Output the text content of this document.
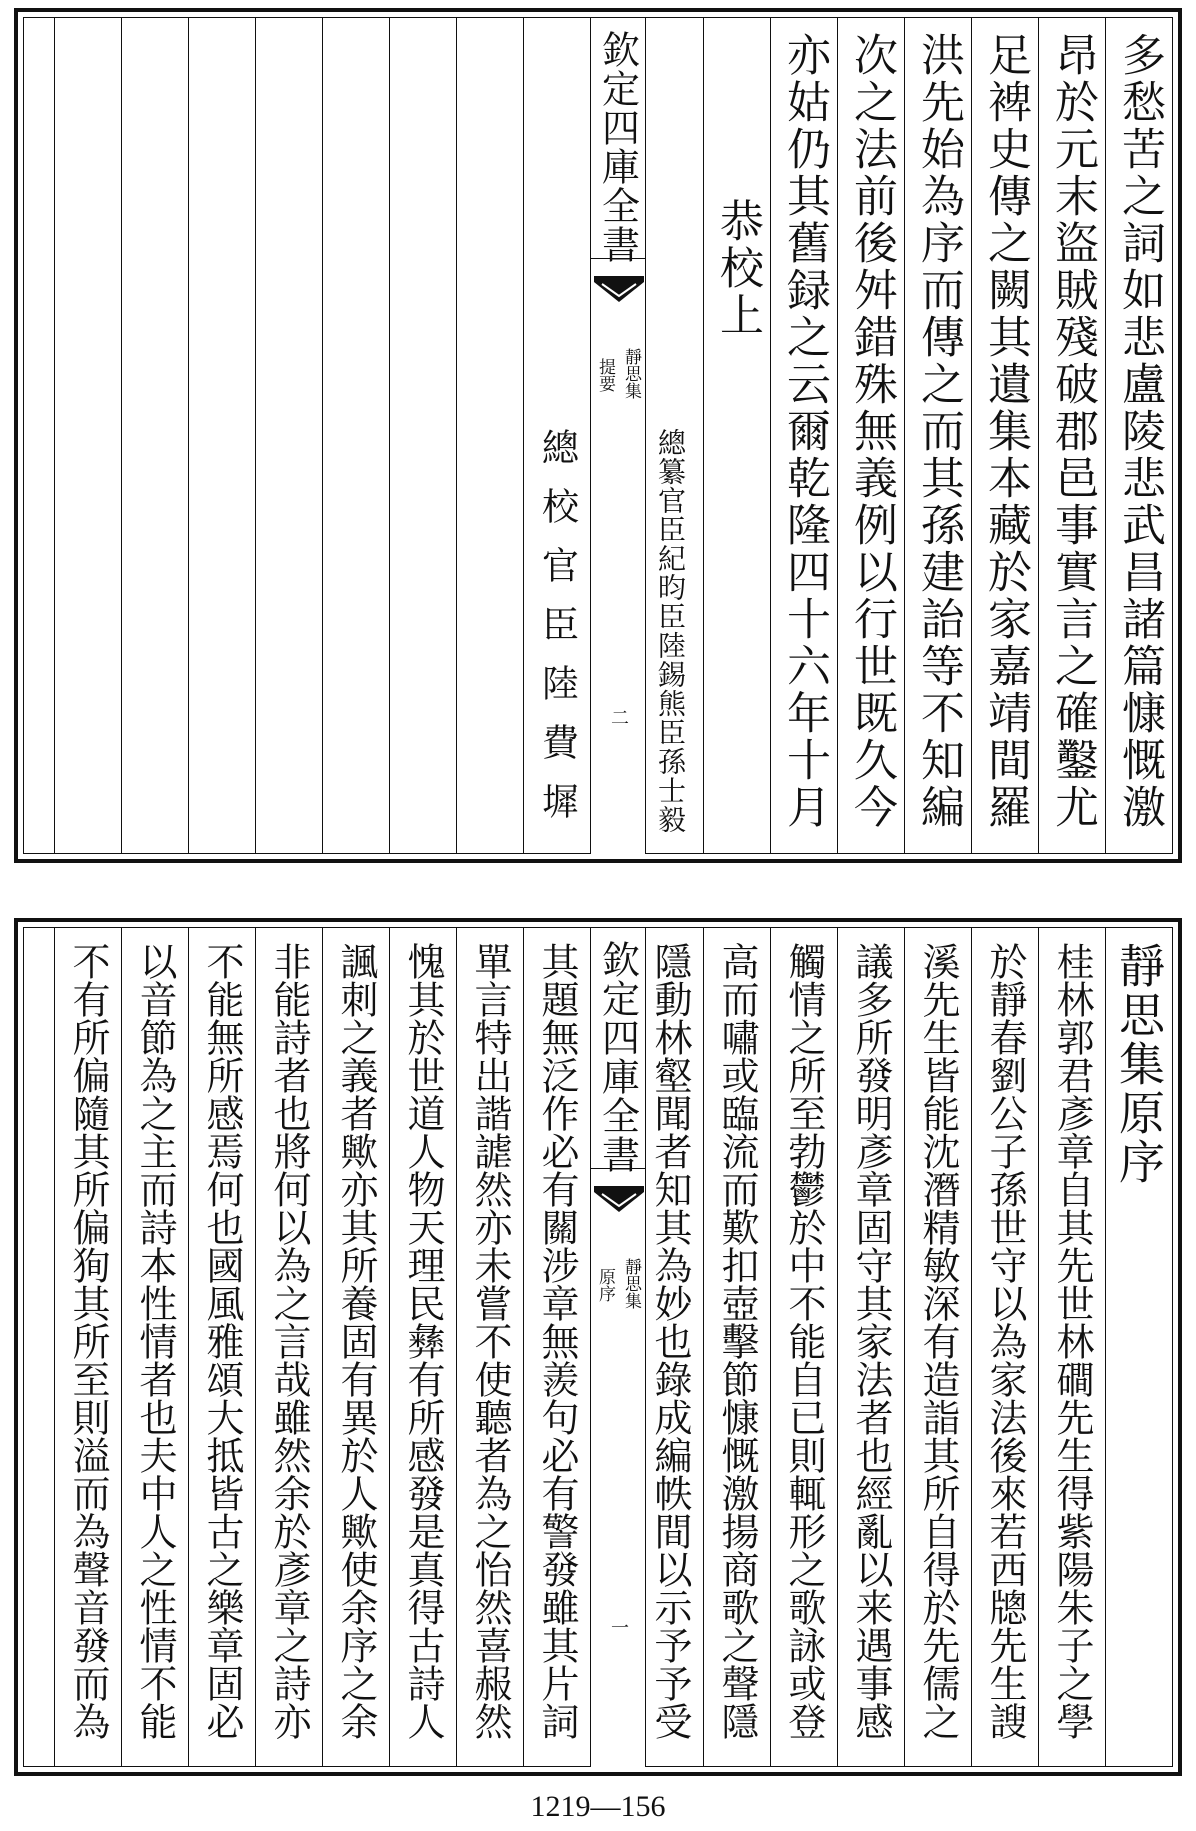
多愁苦之詞如悲盧陵悲武昌諸篇慷慨激
昂於元末盜賊殘破郡邑事實言之確鑿尤
足裨史傳之闕其遺集本藏於家嘉靖間羅
洪先始為序而傳之而其孫建詒等不知編
次之法前後舛錯殊無義例以行世既久今
亦姑仍其舊録之云爾乾隆四十六年十月
恭校上
總纂官臣紀昀臣陸錫熊臣孫士毅
總校官臣陸費墀
欽定四庫全書
靜思集
提要
二
靜思集原序
桂林郭君彥章自其先世林磵先生得紫陽朱子之學
於靜春劉公子孫世守以為家法後來若西牕先生謏
溪先生皆能沈潛精敏深有造詣其所自得於先儒之
議多所發明彥章固守其家法者也經亂以来遇事感
觸情之所至勃鬱於中不能自已則輒形之歌詠或登
高而嘯或臨流而歎扣壺擊節慷慨激揚商歌之聲隱
隱動林壑聞者知其為妙也錄成編帙間以示予予受
其題無泛作必有關涉章無羨句必有警發雖其片詞
單言特出諧謔然亦未嘗不使聽者為之怡然喜赧然
愧其於世道人物天理民彝有所感發是真得古詩人
諷刺之義者歟亦其所養固有異於人歟使余序之余
非能詩者也將何以為之言哉雖然余於彥章之詩亦
不能無所感焉何也國風雅頌大抵皆古之樂章固必
以音節為之主而詩本性情者也夫中人之性情不能
不有所偏隨其所偏狥其所至則溢而為聲音發而為	欽定四庫全書
靜思集
原序
一
1219—156
